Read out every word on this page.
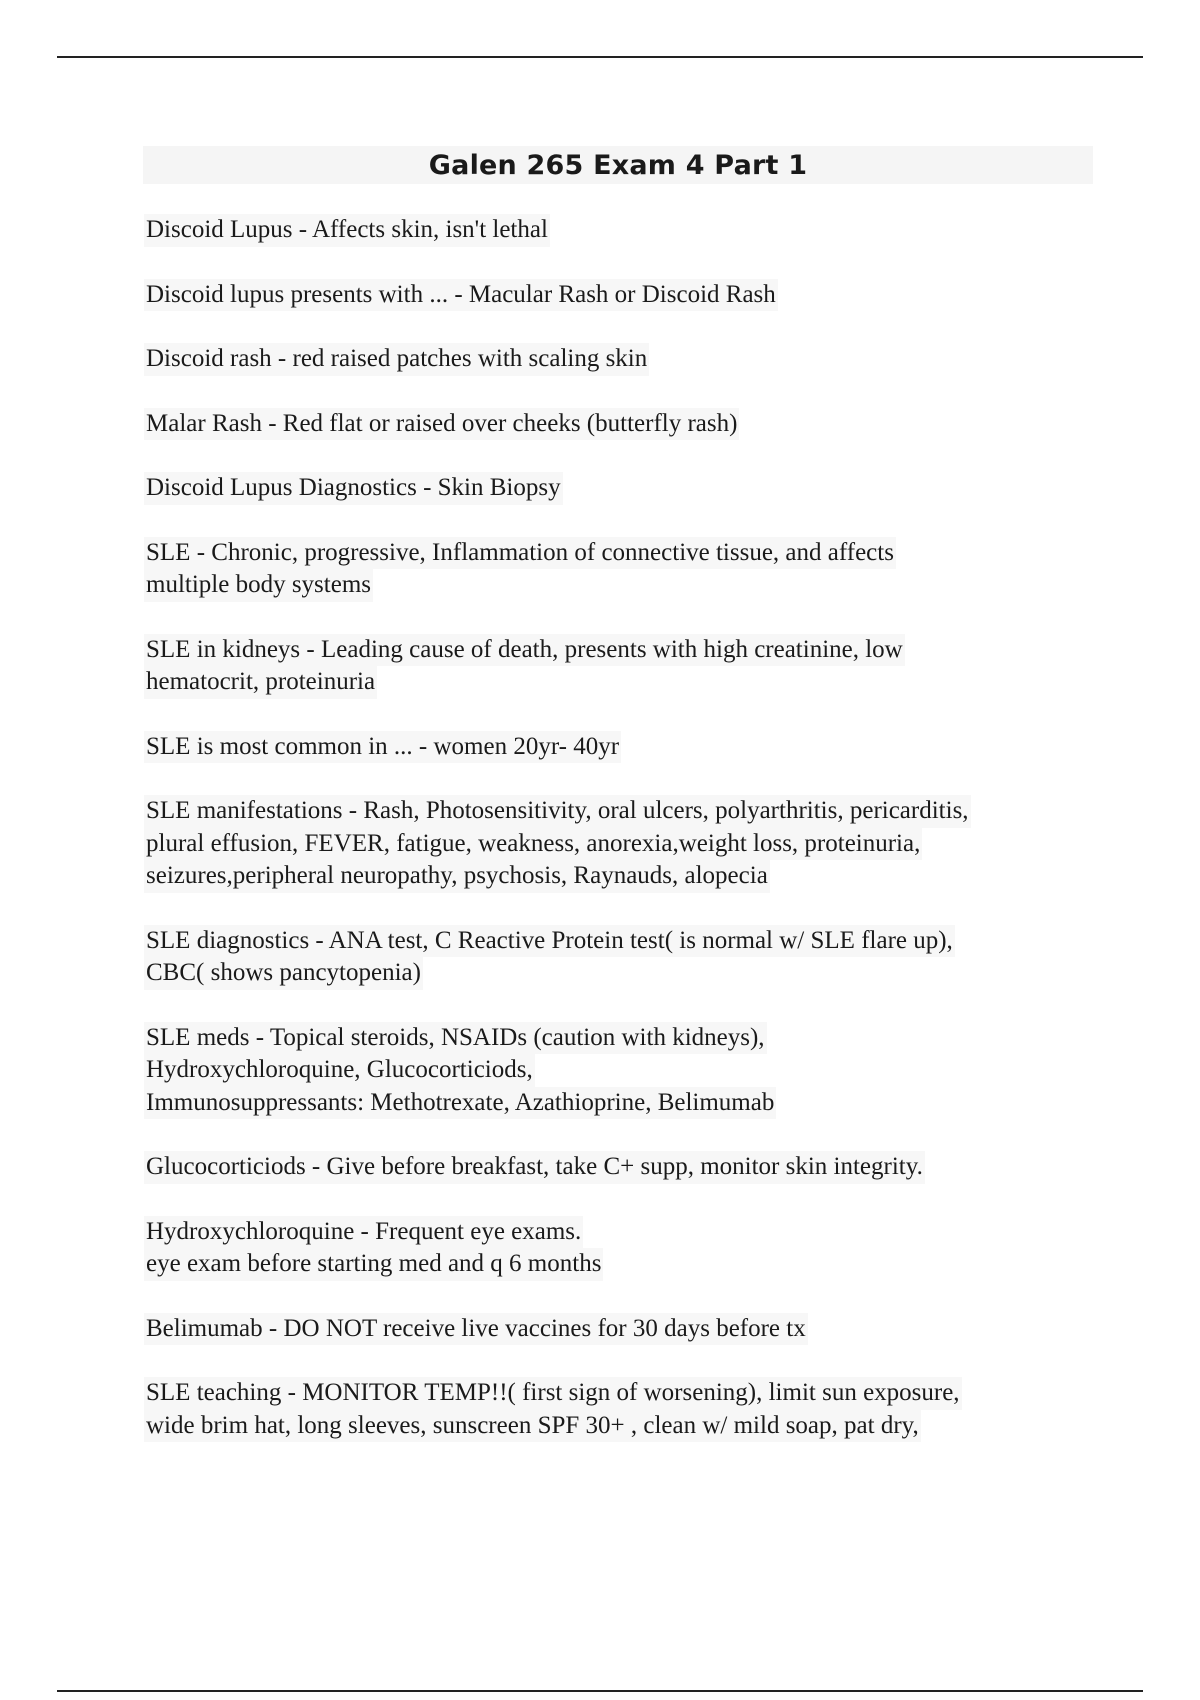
Galen 265 Exam 4 Part 1
Discoid Lupus - Affects skin, isn't lethal
Discoid lupus presents with ... - Macular Rash or Discoid Rash
Discoid rash - red raised patches with scaling skin
Malar Rash - Red flat or raised over cheeks (butterfly rash)
Discoid Lupus Diagnostics - Skin Biopsy
SLE - Chronic, progressive, Inflammation of connective tissue, and affects
multiple body systems
SLE in kidneys - Leading cause of death, presents with high creatinine, low
hematocrit, proteinuria
SLE is most common in ... - women 20yr- 40yr
SLE manifestations - Rash, Photosensitivity, oral ulcers, polyarthritis, pericarditis,
plural effusion, FEVER, fatigue, weakness, anorexia,weight loss, proteinuria,
seizures,peripheral neuropathy, psychosis, Raynauds, alopecia
SLE diagnostics - ANA test, C Reactive Protein test( is normal w/ SLE flare up),
CBC( shows pancytopenia)
SLE meds - Topical steroids, NSAIDs (caution with kidneys),
Hydroxychloroquine, Glucocorticiods,
Immunosuppressants: Methotrexate, Azathioprine, Belimumab
Glucocorticiods - Give before breakfast, take C+ supp, monitor skin integrity.
Hydroxychloroquine - Frequent eye exams.
eye exam before starting med and q 6 months
Belimumab - DO NOT receive live vaccines for 30 days before tx
SLE teaching - MONITOR TEMP!!( first sign of worsening), limit sun exposure,
wide brim hat, long sleeves, sunscreen SPF 30+ , clean w/ mild soap, pat dry,
